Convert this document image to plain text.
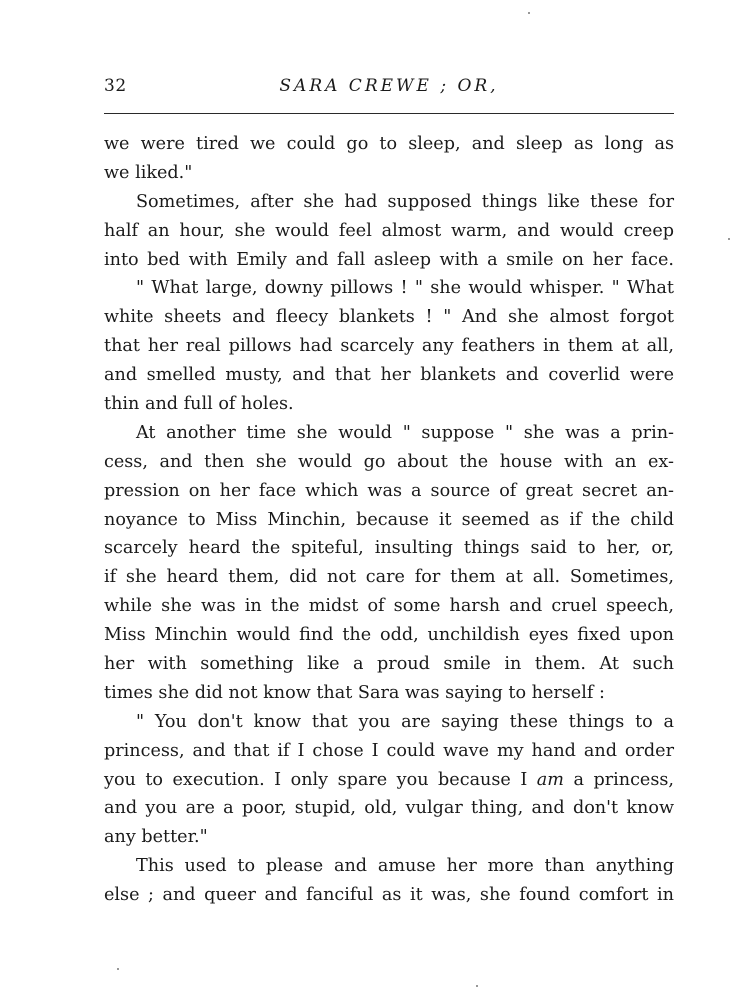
32	SARA CREWE ; OR,
we were tired we could go to sleep, and sleep as long as
we liked."
Sometimes, after she had supposed things like these for
half an hour, she would feel almost warm, and would creep
into bed with Emily and fall asleep with a smile on her face.
" What large, downy pillows ! " she would whisper. " What
white sheets and fleecy blankets ! " And she almost forgot
that her real pillows had scarcely any feathers in them at all,
and smelled musty, and that her blankets and coverlid were
thin and full of holes.
At another time she would " suppose " she was a prin-
cess, and then she would go about the house with an ex-
pression on her face which was a source of great secret an-
noyance to Miss Minchin, because it seemed as if the child
scarcely heard the spiteful, insulting things said to her, or,
if she heard them, did not care for them at all. Sometimes,
while she was in the midst of some harsh and cruel speech,
Miss Minchin would find the odd, unchildish eyes fixed upon
her with something like a proud smile in them. At such
times she did not know that Sara was saying to herself :
" You don't know that you are saying these things to a
princess, and that if I chose I could wave my hand and order
you to execution. I only spare you because I am a princess,
and you are a poor, stupid, old, vulgar thing, and don't know
any better."
This used to please and amuse her more than anything
else ; and queer and fanciful as it was, she found comfort in
